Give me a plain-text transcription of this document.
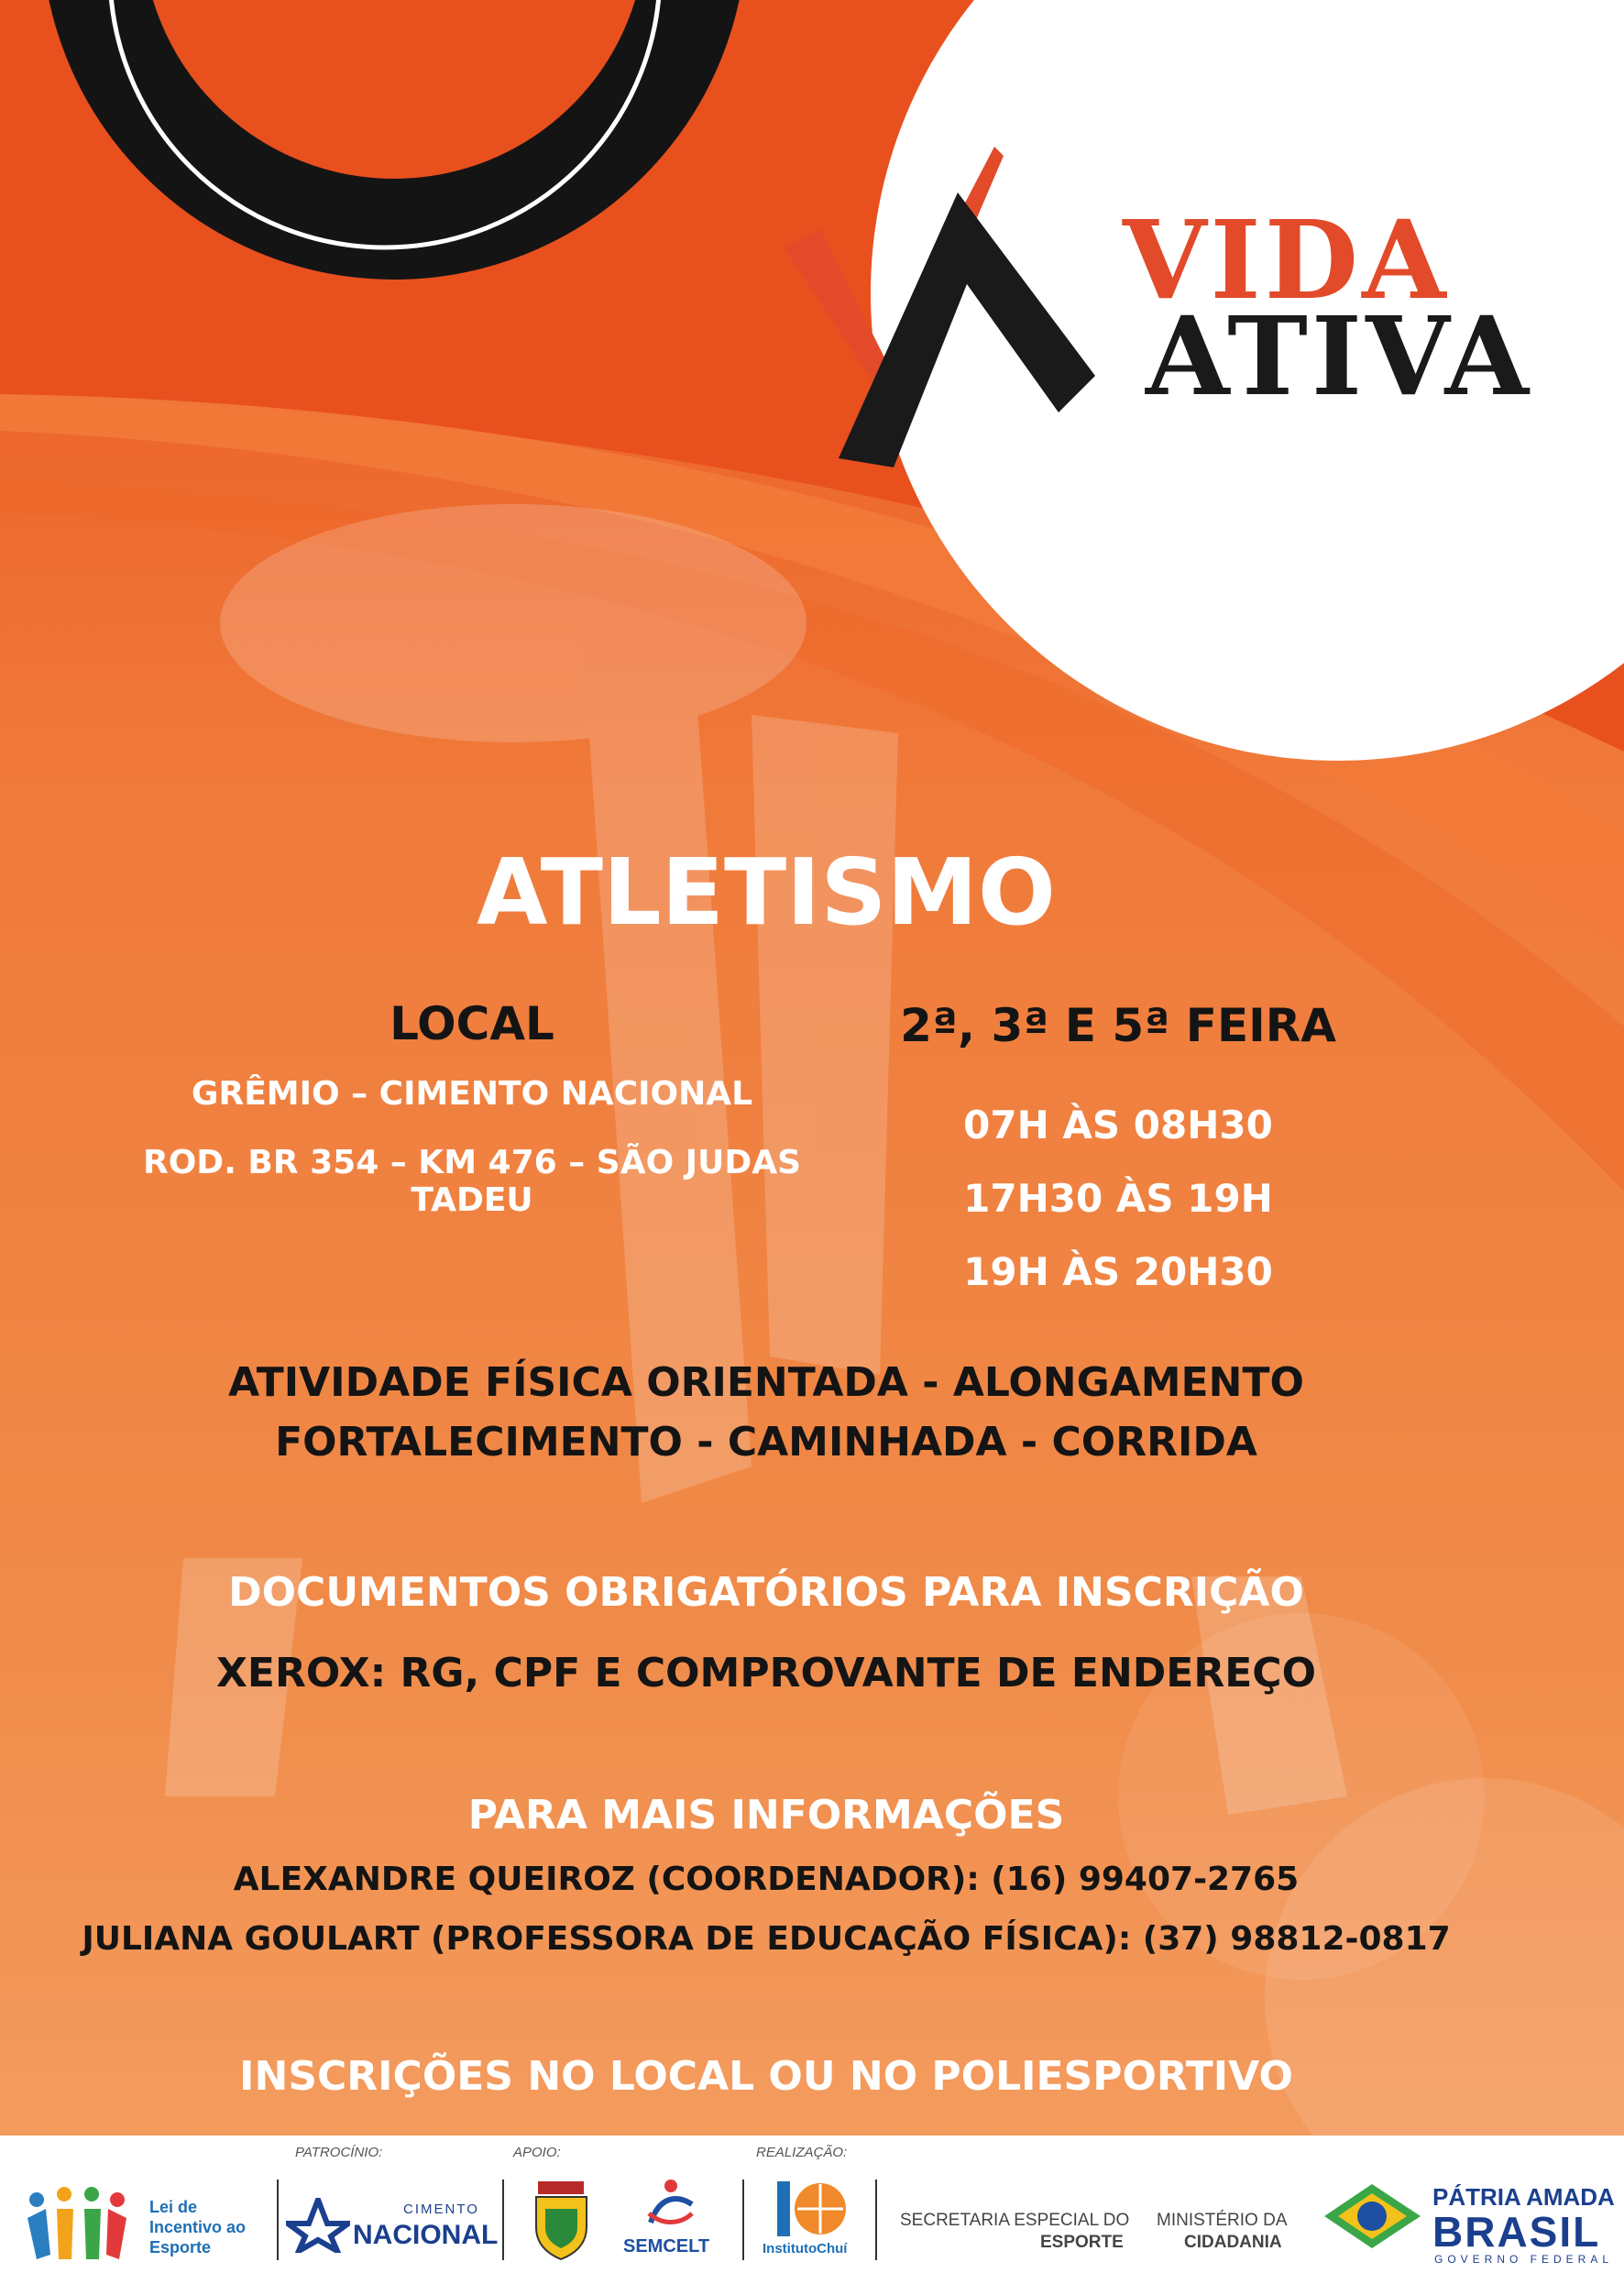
VIDA
ATIVA
ATLETISMO
LOCAL
GRÊMIO – CIMENTO NACIONAL
ROD. BR 354 – KM 476 – SÃO JUDAS TADEU
2ª, 3ª E 5ª FEIRA
07H ÀS 08H30
17H30 ÀS 19H
19H ÀS 20H30
ATIVIDADE FÍSICA ORIENTADA - ALONGAMENTO
FORTALECIMENTO - CAMINHADA - CORRIDA
DOCUMENTOS OBRIGATÓRIOS PARA INSCRIÇÃO
XEROX: RG, CPF E COMPROVANTE DE ENDEREÇO
PARA MAIS INFORMAÇÕES
ALEXANDRE QUEIROZ (COORDENADOR): (16) 99407-2765
JULIANA GOULART (PROFESSORA DE EDUCAÇÃO FÍSICA): (37) 98812-0817
INSCRIÇÕES NO LOCAL OU NO POLIESPORTIVO
PATROCÍNIO:	APOIO:	REALIZAÇÃO:
Lei de
Incentivo ao
Esporte
CIMENTO
NACIONAL	SEMCELT	InstitutoChuí
SECRETARIA ESPECIAL DO
ESPORTE
MINISTÉRIO DA
CIDADANIA
PÁTRIA AMADA
BRASIL
GOVERNO FEDERAL
